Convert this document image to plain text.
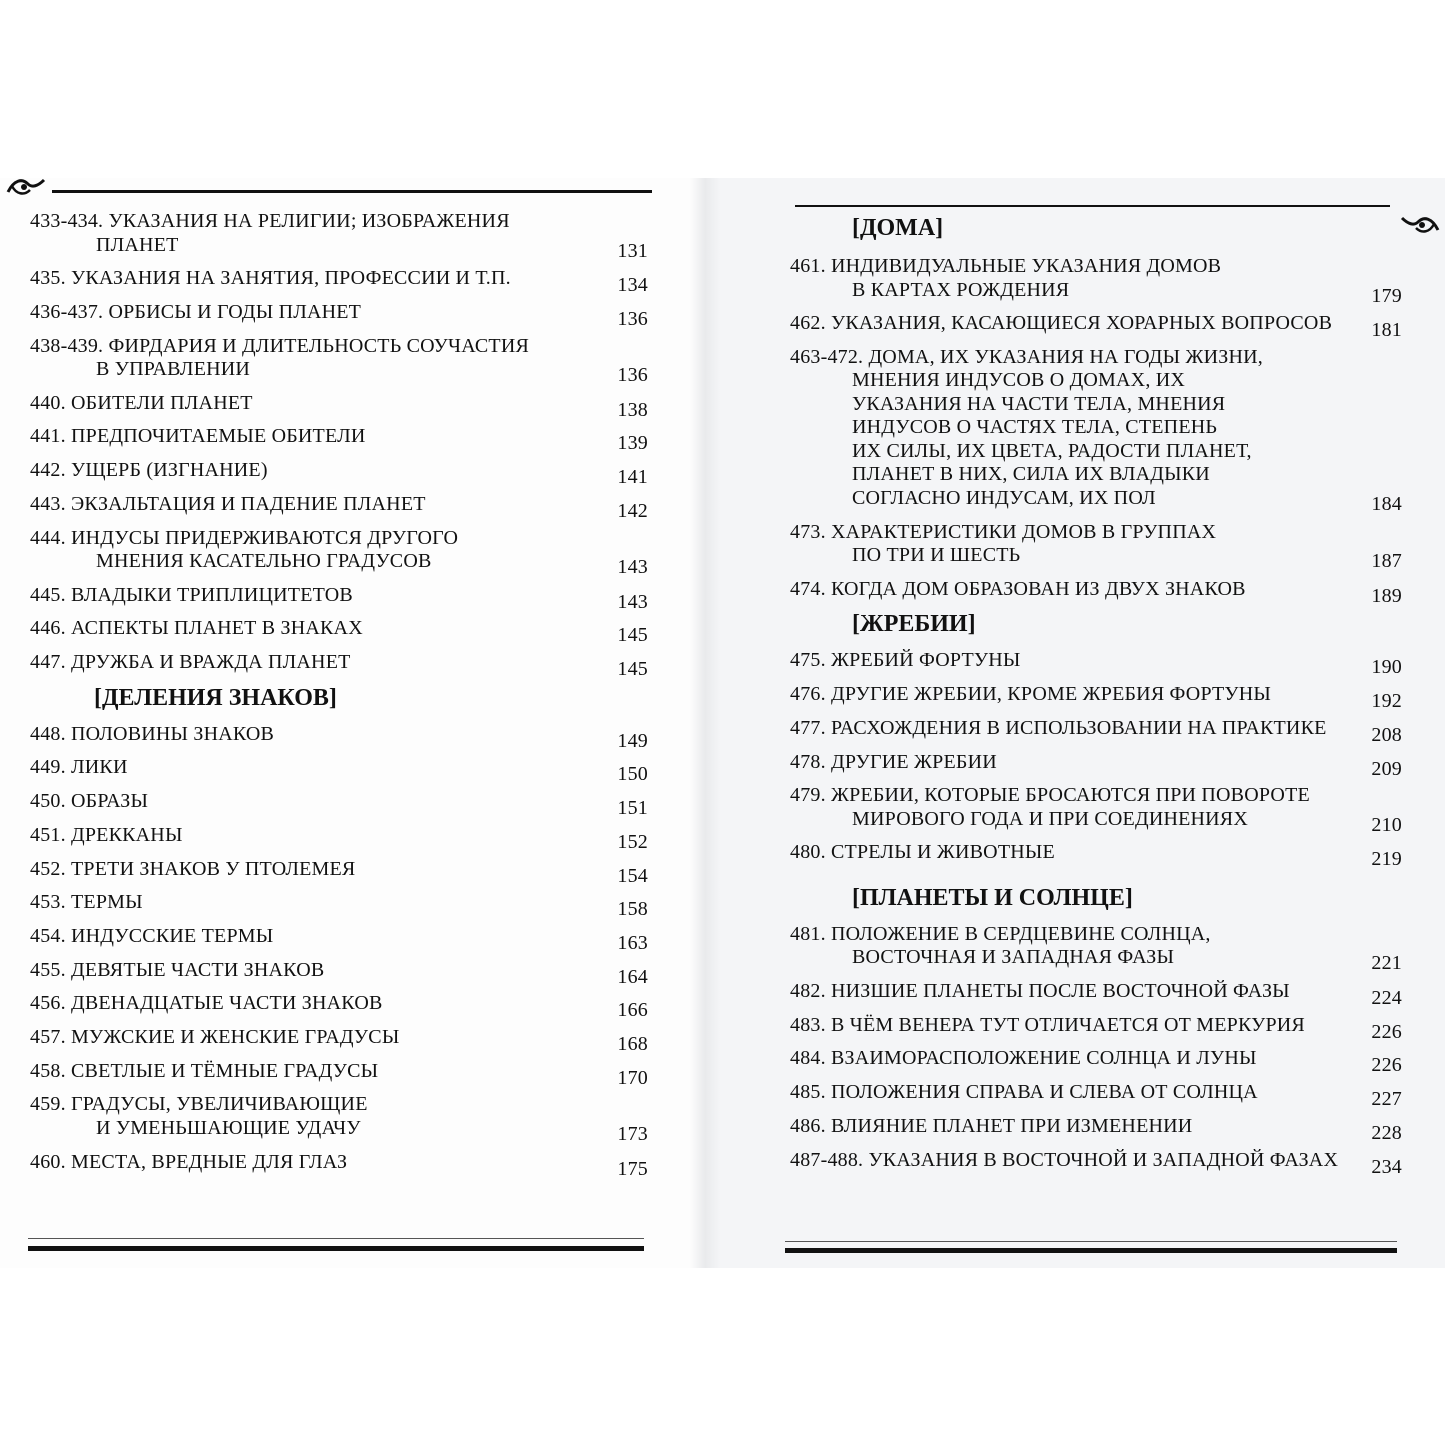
433-434. УКАЗАНИЯ НА РЕЛИГИИ; ИЗОБРАЖЕНИЯ
ПЛАНЕТ	131
435. УКАЗАНИЯ НА ЗАНЯТИЯ, ПРОФЕССИИ И Т.П.	134
436-437. ОРБИСЫ И ГОДЫ ПЛАНЕТ	136
438-439. ФИРДАРИЯ И ДЛИТЕЛЬНОСТЬ СОУЧАСТИЯ
В УПРАВЛЕНИИ	136
440. ОБИТЕЛИ ПЛАНЕТ	138
441. ПРЕДПОЧИТАЕМЫЕ ОБИТЕЛИ	139
442. УЩЕРБ (ИЗГНАНИЕ)	141
443. ЭКЗАЛЬТАЦИЯ И ПАДЕНИЕ ПЛАНЕТ	142
444. ИНДУСЫ ПРИДЕРЖИВАЮТСЯ ДРУГОГО
МНЕНИЯ КАСАТЕЛЬНО ГРАДУСОВ	143
445. ВЛАДЫКИ ТРИПЛИЦИТЕТОВ	143
446. АСПЕКТЫ ПЛАНЕТ В ЗНАКАХ	145
447. ДРУЖБА И ВРАЖДА ПЛАНЕТ	145
[ДЕЛЕНИЯ ЗНАКОВ]
448. ПОЛОВИНЫ ЗНАКОВ	149
449. ЛИКИ	150
450. ОБРАЗЫ	151
451. ДРЕККАНЫ	152
452. ТРЕТИ ЗНАКОВ У ПТОЛЕМЕЯ	154
453. ТЕРМЫ	158
454. ИНДУССКИЕ ТЕРМЫ	163
455. ДЕВЯТЫЕ ЧАСТИ ЗНАКОВ	164
456. ДВЕНАДЦАТЫЕ ЧАСТИ ЗНАКОВ	166
457. МУЖСКИЕ И ЖЕНСКИЕ ГРАДУСЫ	168
458. СВЕТЛЫЕ И ТЁМНЫЕ ГРАДУСЫ	170
459. ГРАДУСЫ, УВЕЛИЧИВАЮЩИЕ
И УМЕНЬШАЮЩИЕ УДАЧУ	173
460. МЕСТА, ВРЕДНЫЕ ДЛЯ ГЛАЗ	175
[ДОМА]
461. ИНДИВИДУАЛЬНЫЕ УКАЗАНИЯ ДОМОВ
В КАРТАХ РОЖДЕНИЯ	179
462. УКАЗАНИЯ, КАСАЮЩИЕСЯ ХОРАРНЫХ ВОПРОСОВ	181
463-472. ДОМА, ИХ УКАЗАНИЯ НА ГОДЫ ЖИЗНИ,
МНЕНИЯ ИНДУСОВ О ДОМАХ, ИХ
УКАЗАНИЯ НА ЧАСТИ ТЕЛА, МНЕНИЯ
ИНДУСОВ О ЧАСТЯХ ТЕЛА, СТЕПЕНЬ
ИХ СИЛЫ, ИХ ЦВЕТА, РАДОСТИ ПЛАНЕТ,
ПЛАНЕТ В НИХ, СИЛА ИХ ВЛАДЫКИ
СОГЛАСНО ИНДУСАМ, ИХ ПОЛ	184
473. ХАРАКТЕРИСТИКИ ДОМОВ В ГРУППАХ
ПО ТРИ И ШЕСТЬ	187
474. КОГДА ДОМ ОБРАЗОВАН ИЗ ДВУХ ЗНАКОВ	189
[ЖРЕБИИ]
475. ЖРЕБИЙ ФОРТУНЫ	190
476. ДРУГИЕ ЖРЕБИИ, КРОМЕ ЖРЕБИЯ ФОРТУНЫ	192
477. РАСХОЖДЕНИЯ В ИСПОЛЬЗОВАНИИ НА ПРАКТИКЕ	208
478. ДРУГИЕ ЖРЕБИИ	209
479. ЖРЕБИИ, КОТОРЫЕ БРОСАЮТСЯ ПРИ ПОВОРОТЕ
МИРОВОГО ГОДА И ПРИ СОЕДИНЕНИЯХ	210
480. СТРЕЛЫ И ЖИВОТНЫЕ	219
[ПЛАНЕТЫ И СОЛНЦЕ]
481. ПОЛОЖЕНИЕ В СЕРДЦЕВИНЕ СОЛНЦА,
ВОСТОЧНАЯ И ЗАПАДНАЯ ФАЗЫ	221
482. НИЗШИЕ ПЛАНЕТЫ ПОСЛЕ ВОСТОЧНОЙ ФАЗЫ	224
483. В ЧЁМ ВЕНЕРА ТУТ ОТЛИЧАЕТСЯ ОТ МЕРКУРИЯ	226
484. ВЗАИМОРАСПОЛОЖЕНИЕ СОЛНЦА И ЛУНЫ	226
485. ПОЛОЖЕНИЯ СПРАВА И СЛЕВА ОТ СОЛНЦА	227
486. ВЛИЯНИЕ ПЛАНЕТ ПРИ ИЗМЕНЕНИИ	228
487-488. УКАЗАНИЯ В ВОСТОЧНОЙ И ЗАПАДНОЙ ФАЗАХ	234
